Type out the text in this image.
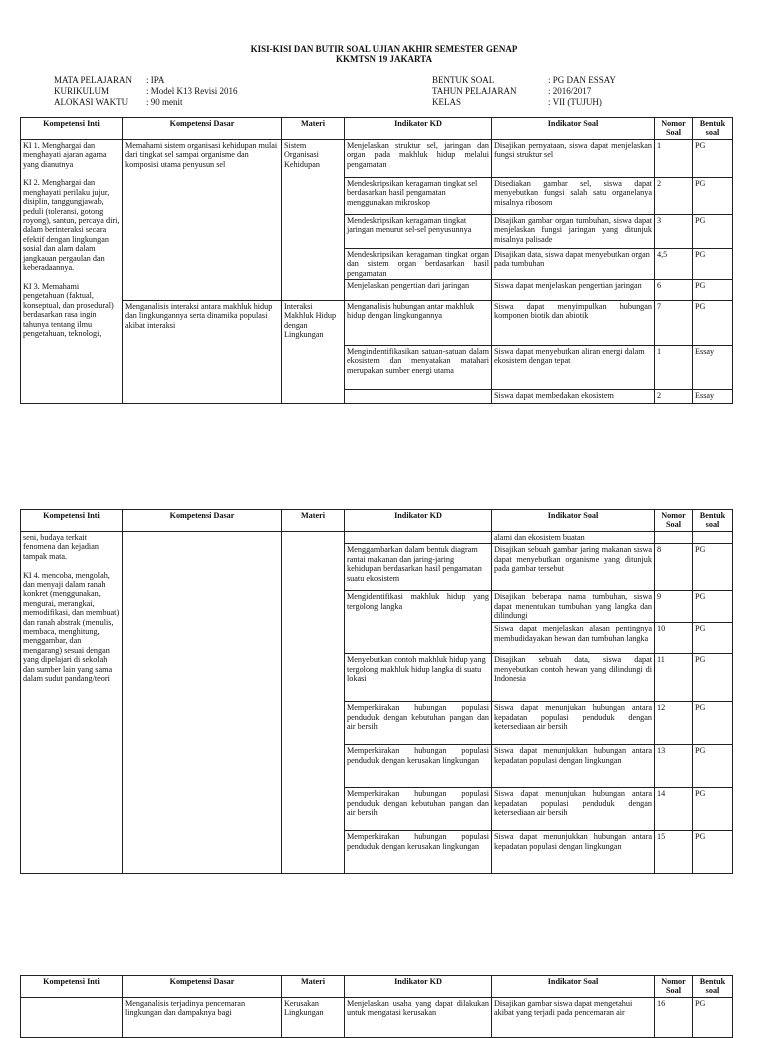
KISI-KISI DAN BUTIR SOAL UJIAN AKHIR SEMESTER GENAP
KKMTSN 19 JAKARTA
MATA PELAJARAN : IPA
KURIKULUM	: Model K13 Revisi 2016
ALOKASI WAKTU : 90 menit
BENTUK SOAL	: PG DAN ESSAY
TAHUN PELAJARAN	: 2016/2017
KELAS	: VII (TUJUH)
Kompetensi Inti	Kompetensi Dasar	Materi	Indikator KD	Indikator Soal	Nomor Soal	Bentuk soal
KI 1. Menghargai dan menghayati ajaran agama yang dianutnya

KI 2. Menghargai dan menghayati perilaku jujur, disiplin, tanggungjawab, peduli (toleransi, gotong royong), santun, percaya diri, dalam berinteraksi secara efektif dengan lingkungan sosial dan alam dalam jangkauan pergaulan dan keberadaannya.

KI 3. Memahami pengetahuan (faktual, konseptual, dan prosedural) berdasarkan rasa ingin tahunya tentang ilmu pengetahuan, teknologi,	Memahami sistem organisasi kehidupan mulai dari tingkat sel sampai organisme dan komposisi utama penyusun sel	Sistem Organisasi Kehidupan	Menjelaskan struktur sel, jaringan dan organ pada makhluk hidup melalui pengamatan	Disajikan pernyataan, siswa dapat menjelaskan fungsi struktur sel	1	PG
			Mendeskripsikan keragaman tingkat sel berdasarkan hasil pengamatan menggunakan mikroskop	Disediakan gambar sel, siswa dapat menyebutkan fungsi salah satu organelanya misalnya ribosom	2	PG
			Mendeskripsikan keragaman tingkat jaringan menurut sel-sel penyusunnya	Disajikan gambar organ tumbuhan, siswa dapat menjelaskan fungsi jaringan yang ditunjuk misalnya palisade	3	PG
			Mendeskripsikan keragaman tingkat organ dan sistem organ berdasarkan hasil pengamatan	Disajikan data, siswa dapat menyebutkan organ pada tumbuhan	4,5	PG
			Menjelaskan pengertian dari jaringan	Siswa dapat menjelaskan pengertian jaringan	6	PG
	Menganalisis interaksi antara makhluk hidup dan lingkungannya serta dinamika populasi akibat interaksi	Interaksi Makhluk Hidup dengan Lingkungan	Menganalisis hubungan antar makhluk hidup dengan lingkungannya	Siswa dapat menyimpulkan hubungan komponen biotik dan abiotik	7	PG
			Mengindentifikasikan satuan-satuan dalam ekosistem dan menyatakan matahari merupakan sumber energi utama	Siswa dapat menyebutkan aliran energi dalam ekosistem dengan tepat	1	Essay
				Siswa dapat membedakan ekosistem	2	Essay
Kompetensi Inti	Kompetensi Dasar	Materi	Indikator KD	Indikator Soal	Nomor Soal	Bentuk soal
seni, budaya terkait fenomena dan kejadian tampak mata.

KI 4. mencoba, mengolah, dan menyaji dalam ranah konkret (menggunakan, mengurai, merangkai, memodifikasi, dan membuat) dan ranah abstrak (menulis, membaca, menghitung, menggambar, dan mengarang) sesuai dengan yang dipelajari di sekolah dan sumber lain yang sama dalam sudut pandang/teori				alami dan ekosistem buatan		
			Menggambarkan dalam bentuk diagram rantai makanan dan jaring-jaring kehidupan berdasarkan hasil pengamatan suatu ekosistem	Disajikan sebuah gambar jaring makanan siswa dapat menyebutkan organisme yang ditunjuk pada gambar tersebut	8	PG
			Mengidentifikasi makhluk hidup yang tergolong langka	Disajikan beberapa nama tumbuhan, siswa dapat menentukan tumbuhan yang langka dan dilindungi	9	PG
				Siswa dapat menjelaskan alasan pentingnya membudidayakan hewan dan tumbuhan langka	10	PG
			Menyebutkan contoh makhluk hidup yang tergolong makhluk hidup langka di suatu lokasi	Disajikan sebuah data, siswa dapat menyebutkan contoh hewan yang dilindungi di Indonesia	11	PG
			Memperkirakan hubungan populasi penduduk dengan kebutuhan pangan dan air bersih	Siswa dapat menunjukan hubungan antara kepadatan populasi penduduk dengan ketersediaan air bersih	12	PG
			Memperkirakan hubungan populasi penduduk dengan kerusakan lingkungan	Siswa dapat menunjukkan hubungan antara kepadatan populasi dengan lingkungan	13	PG
			Memperkirakan hubungan populasi penduduk dengan kebutuhan pangan dan air bersih	Siswa dapat menunjukan hubungan antara kepadatan populasi penduduk dengan ketersediaan air bersih	14	PG
			Memperkirakan hubungan populasi penduduk dengan kerusakan lingkungan	Siswa dapat menunjukkan hubungan antara kepadatan populasi dengan lingkungan	15	PG
Kompetensi Inti	Kompetensi Dasar	Materi	Indikator KD	Indikator Soal	Nomor Soal	Bentuk soal
	Menganalisis terjadinya pencemaran lingkungan dan dampaknya bagi	Kerusakan Lingkungan	Menjelaskan usaha yang dapat dilakukan untuk mengatasi kerusakan	Disajikan gambar siswa dapat mengetahui akibat yang terjadi pada pencemaran air	16	PG
